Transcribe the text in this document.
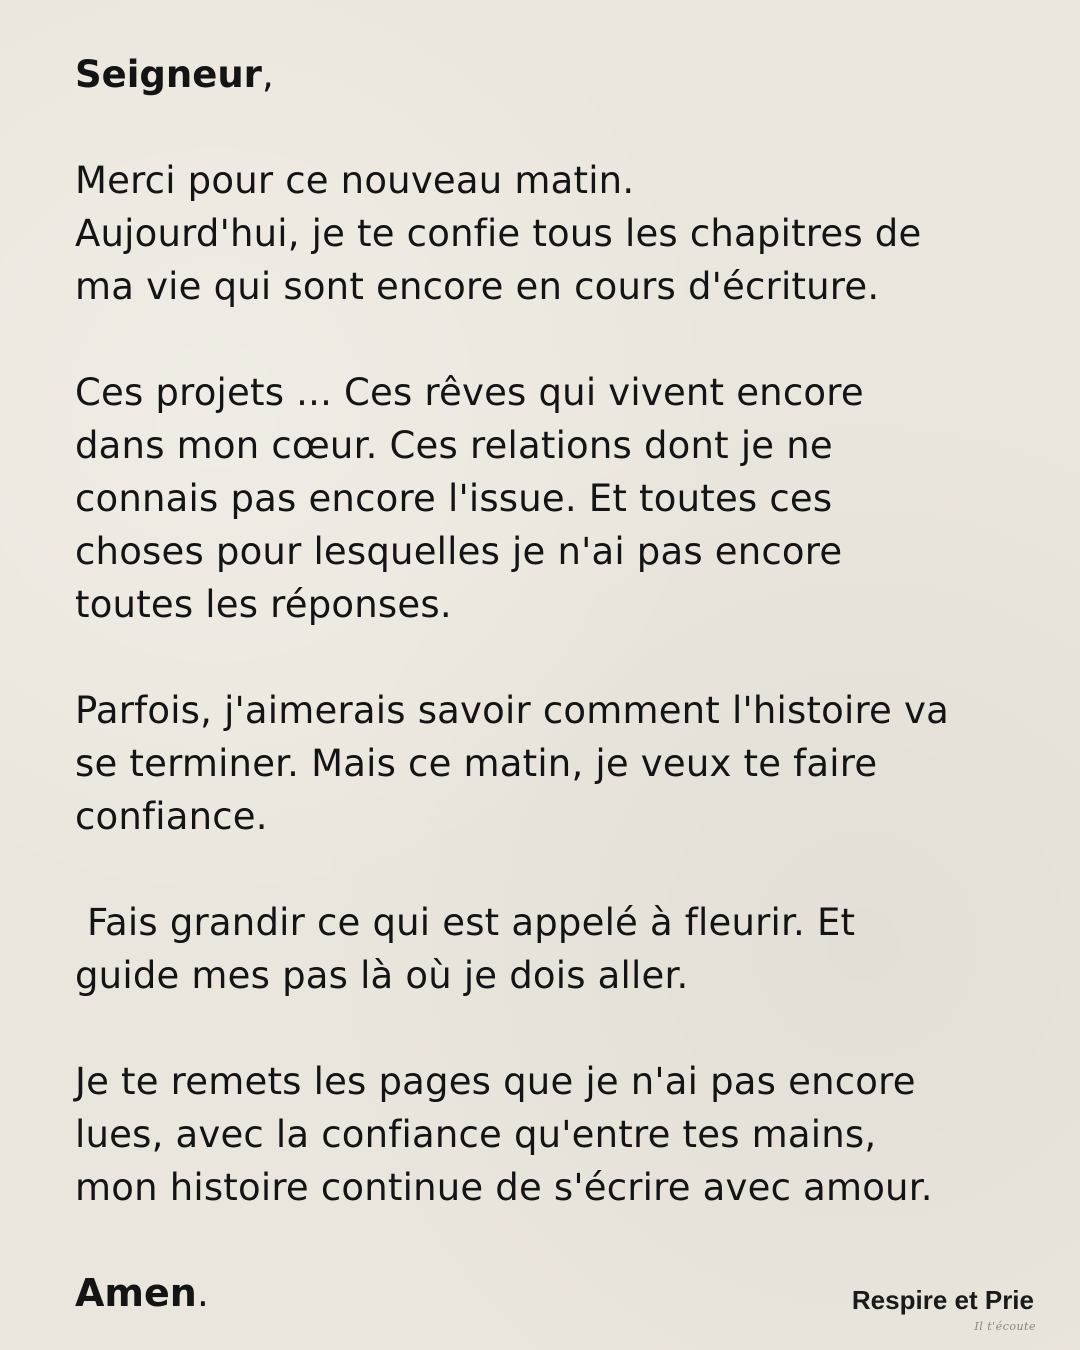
Seigneur,
Merci pour ce nouveau matin.
Aujourd'hui, je te confie tous les chapitres de
ma vie qui sont encore en cours d'écriture.
Ces projets ... Ces rêves qui vivent encore
dans mon cœur. Ces relations dont je ne
connais pas encore l'issue. Et toutes ces
choses pour lesquelles je n'ai pas encore
toutes les réponses.
Parfois, j'aimerais savoir comment l'histoire va
se terminer. Mais ce matin, je veux te faire
confiance.
Fais grandir ce qui est appelé à fleurir. Et
guide mes pas là où je dois aller.
Je te remets les pages que je n'ai pas encore
lues, avec la confiance qu'entre tes mains,
mon histoire continue de s'écrire avec amour.
Amen.	Respire et Prie
Il t'écoute
